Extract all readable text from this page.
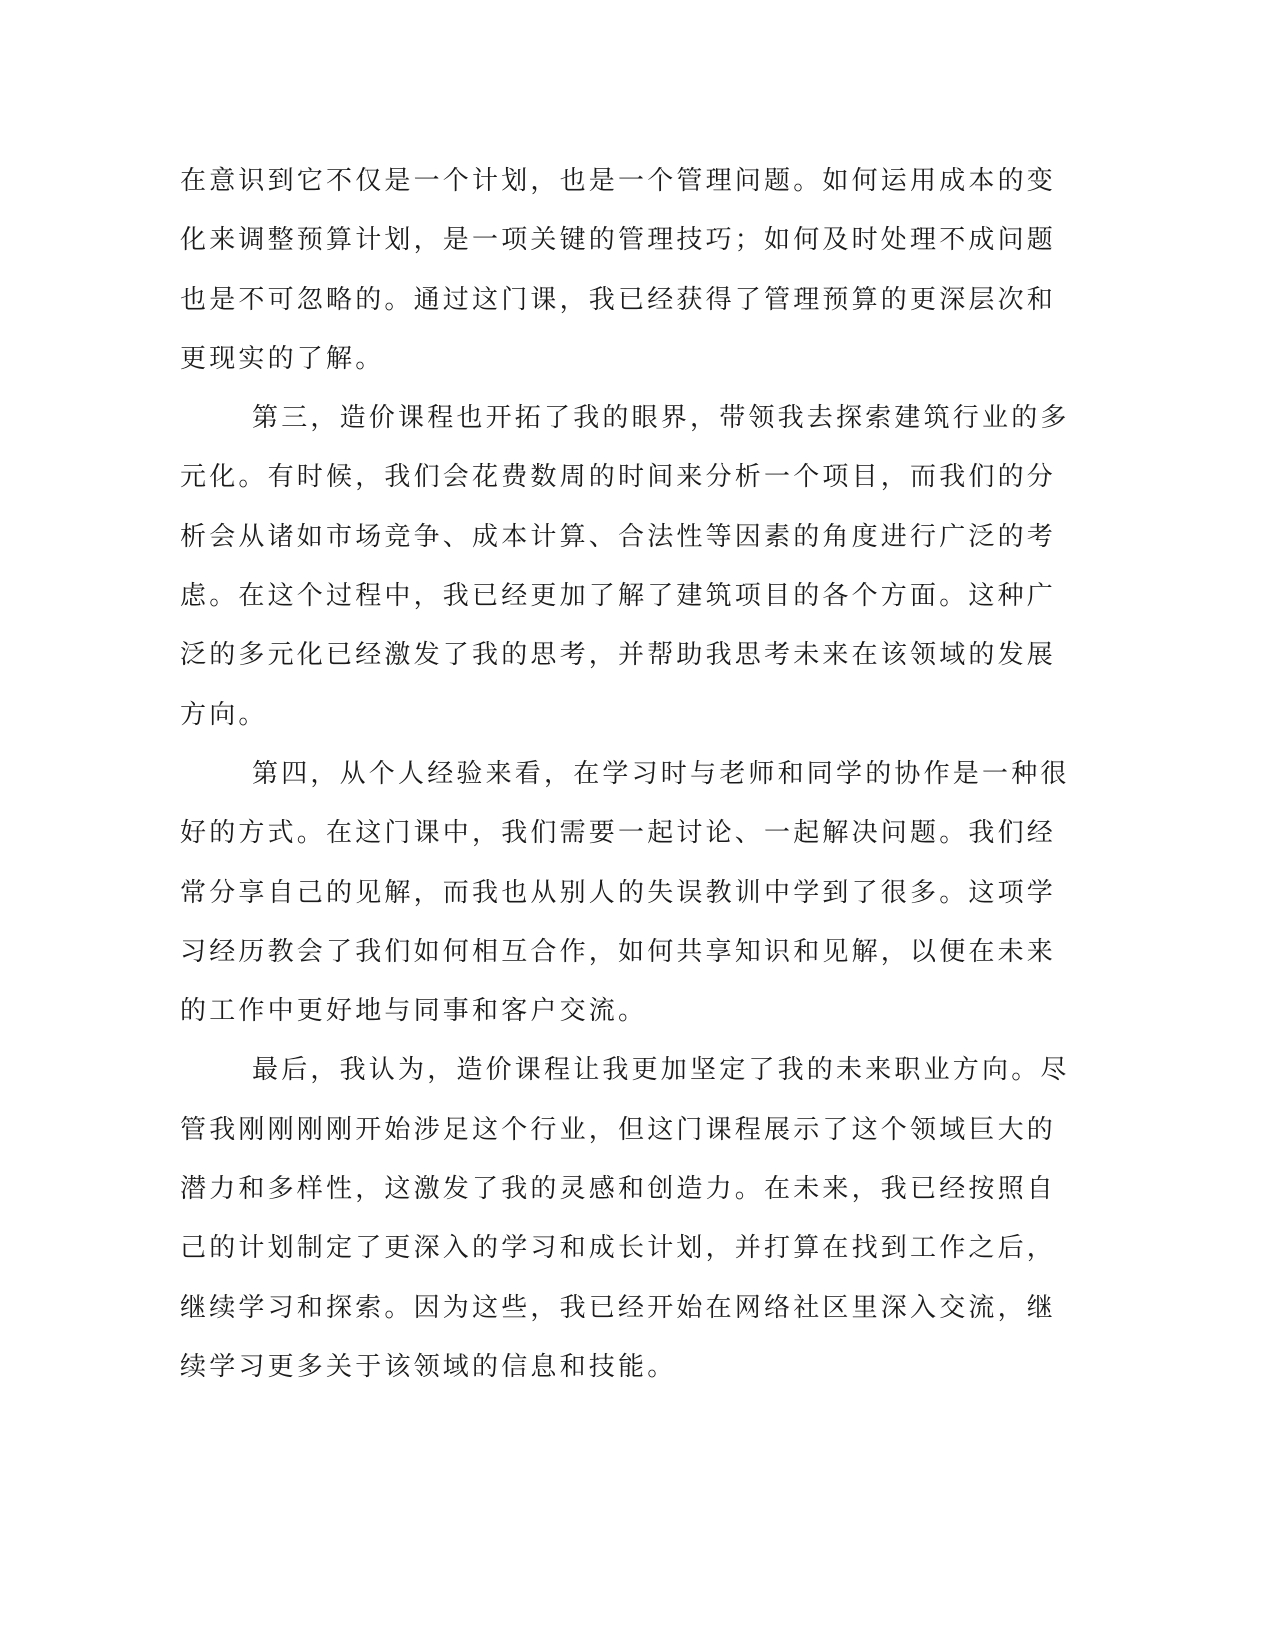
在意识到它不仅是一个计划，也是一个管理问题。如何运用成本的变
化来调整预算计划，是一项关键的管理技巧；如何及时处理不成问题
也是不可忽略的。通过这门课，我已经获得了管理预算的更深层次和
更现实的了解。
第三，造价课程也开拓了我的眼界，带领我去探索建筑行业的多
元化。有时候，我们会花费数周的时间来分析一个项目，而我们的分
析会从诸如市场竞争、成本计算、合法性等因素的角度进行广泛的考
虑。在这个过程中，我已经更加了解了建筑项目的各个方面。这种广
泛的多元化已经激发了我的思考，并帮助我思考未来在该领域的发展
方向。
第四，从个人经验来看，在学习时与老师和同学的协作是一种很
好的方式。在这门课中，我们需要一起讨论、一起解决问题。我们经
常分享自己的见解，而我也从别人的失误教训中学到了很多。这项学
习经历教会了我们如何相互合作，如何共享知识和见解，以便在未来
的工作中更好地与同事和客户交流。
最后，我认为，造价课程让我更加坚定了我的未来职业方向。尽
管我刚刚刚刚开始涉足这个行业，但这门课程展示了这个领域巨大的
潜力和多样性，这激发了我的灵感和创造力。在未来，我已经按照自
己的计划制定了更深入的学习和成长计划，并打算在找到工作之后，
继续学习和探索。因为这些，我已经开始在网络社区里深入交流，继
续学习更多关于该领域的信息和技能。
